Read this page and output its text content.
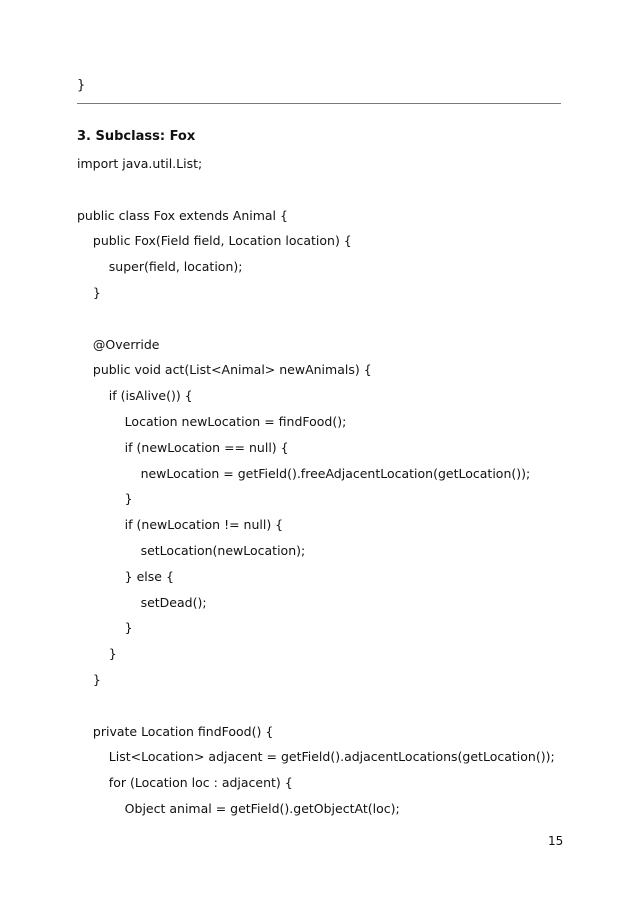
}
3. Subclass: Fox
import java.util.List;
public class Fox extends Animal {
public Fox(Field field, Location location) {
super(field, location);
}
@Override
public void act(List<Animal> newAnimals) {
if (isAlive()) {
Location newLocation = findFood();
if (newLocation == null) {
newLocation = getField().freeAdjacentLocation(getLocation());
}
if (newLocation != null) {
setLocation(newLocation);
} else {
setDead();
}
}
}
private Location findFood() {
List<Location> adjacent = getField().adjacentLocations(getLocation());
for (Location loc : adjacent) {
Object animal = getField().getObjectAt(loc);
15
